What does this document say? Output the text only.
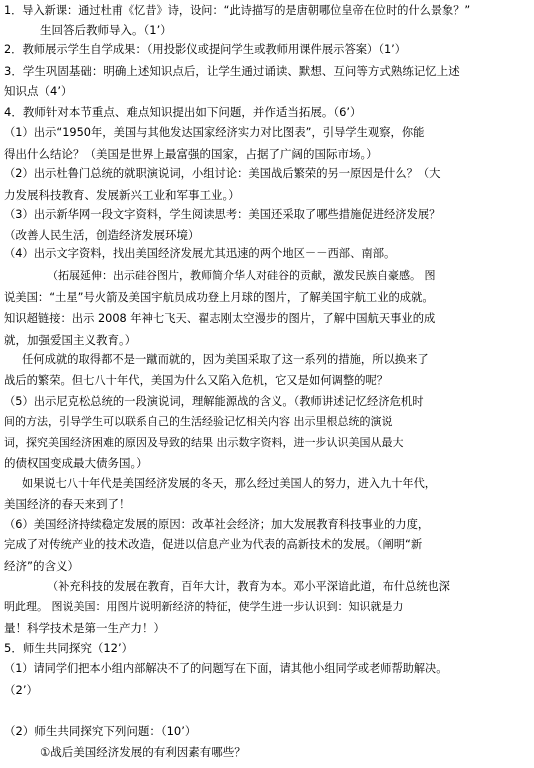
1．导入新课：通过杜甫《忆昔》诗，设问：“此诗描写的是唐朝哪位皇帝在位时的什么景象？”
生回答后教师导入。（1’）
2．教师展示学生自学成果：（用投影仪或提问学生或教师用课件展示答案）（1’）
3．学生巩固基础：明确上述知识点后，让学生通过诵读、默想、互问等方式熟练记忆上述
知识点（4’）
4．教师针对本节重点、难点知识提出如下问题，并作适当拓展。（6’）
（1）出示“1950年，美国与其他发达国家经济实力对比图表”，引导学生观察，你能
得出什么结论？（美国是世界上最富强的国家，占据了广阔的国际市场。）
（2）出示杜鲁门总统的就职演说词，小组讨论：美国战后繁荣的另一原因是什么？（大
力发展科技教育、发展新兴工业和军事工业。）
（3）出示新华网一段文字资料，学生阅读思考：美国还采取了哪些措施促进经济发展？
（改善人民生活，创造经济发展环境）
（4）出示文字资料，找出美国经济发展尤其迅速的两个地区－－西部、南部。
（拓展延伸：出示硅谷图片，教师简介华人对硅谷的贡献，激发民族自豪感。 图
说美国：“土星”号火箭及美国宇航员成功登上月球的图片，了解美国宇航工业的成就。
知识超链接：出示 2008 年神七飞天、翟志刚太空漫步的图片，了解中国航天事业的成
就，加强爱国主义教育。）
任何成就的取得都不是一蹴而就的，因为美国采取了这一系列的措施，所以换来了
战后的繁荣。但七八十年代，美国为什么又陷入危机，它又是如何调整的呢？
（5）出示尼克松总统的一段演说词，理解能源战的含义。（教师讲述记忆经济危机时
间的方法，引导学生可以联系自己的生活经验记忆相关内容 出示里根总统的演说
词，探究美国经济困难的原因及导致的结果 出示数字资料，进一步认识美国从最大
的债权国变成最大债务国。）
如果说七八十年代是美国经济发展的冬天，那么经过美国人的努力，进入九十年代，
美国经济的春天来到了！
（6）美国经济持续稳定发展的原因：改革社会经济；加大发展教育科技事业的力度，
完成了对传统产业的技术改造，促进以信息产业为代表的高新技术的发展。（阐明“新
经济”的含义）
（补充科技的发展在教育，百年大计，教育为本。邓小平深谙此道，布什总统也深
明此理。 图说美国：用图片说明新经济的特征，使学生进一步认识到：知识就是力
量！科学技术是第一生产力！）
5．师生共同探究（12’）
（1）请同学们把本小组内部解决不了的问题写在下面，请其他小组同学或老师帮助解决。
（2’）
（2）师生共同探究下列问题：（10’）
①战后美国经济发展的有利因素有哪些？
